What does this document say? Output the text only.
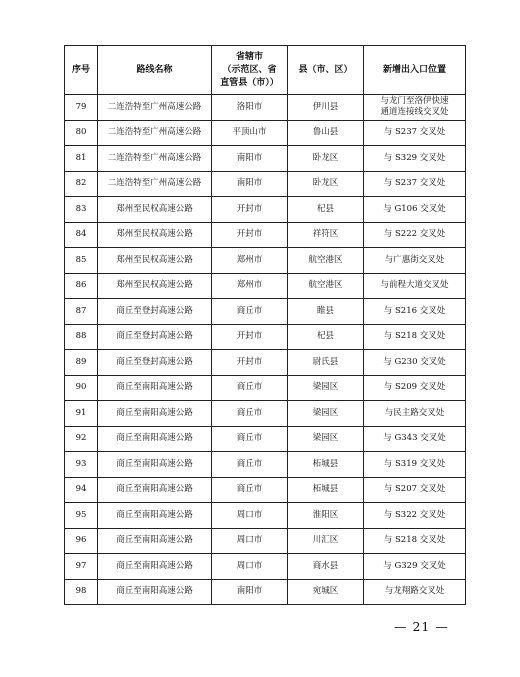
序号	路线名称	省辖市
（示范区、省
直管县（市））	县（市、区）	新增出入口位置
79	二连浩特至广州高速公路	洛阳市	伊川县	与龙门至洛伊快速
通道连接线交叉处

80	二连浩特至广州高速公路	平顶山市	鲁山县	与 S237 交叉处
81	二连浩特至广州高速公路	南阳市	卧龙区	与 S329 交叉处
82	二连浩特至广州高速公路	南阳市	卧龙区	与 S237 交叉处
83	郑州至民权高速公路	开封市	杞县	与 G106 交叉处
84	郑州至民权高速公路	开封市	祥符区	与 S222 交叉处
85	郑州至民权高速公路	郑州市	航空港区	与广惠街交叉处
86	郑州至民权高速公路	郑州市	航空港区	与前程大道交叉处
87	商丘至登封高速公路	商丘市	睢县	与 S216 交叉处
88	商丘至登封高速公路	开封市	杞县	与 S218 交叉处
89	商丘至登封高速公路	开封市	尉氏县	与 G230 交叉处
90	商丘至南阳高速公路	商丘市	梁园区	与 S209 交叉处
91	商丘至南阳高速公路	商丘市	梁园区	与民主路交叉处
92	商丘至南阳高速公路	商丘市	梁园区	与 G343 交叉处
93	商丘至南阳高速公路	商丘市	柘城县	与 S319 交叉处
94	商丘至南阳高速公路	商丘市	柘城县	与 S207 交叉处
95	商丘至南阳高速公路	周口市	淮阳区	与 S322 交叉处
96	商丘至南阳高速公路	周口市	川汇区	与 S218 交叉处
97	商丘至南阳高速公路	周口市	商水县	与 G329 交叉处
98	商丘至南阳高速公路	南阳市	宛城区	与龙翔路交叉处
— 21 —
